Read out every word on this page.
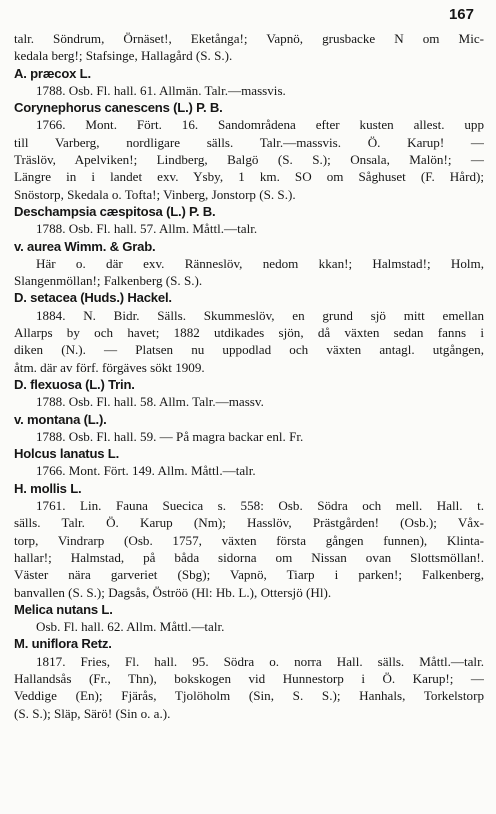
167
talr. Söndrum, Örnäset!, Eketånga!; Vapnö, grusbacke N om Mic-
kedala berg!; Stafsinge, Hallagård (S. S.).
A. præcox L.
1788. Osb. Fl. hall. 61. Allmän. Talr.—massvis.
Corynephorus canescens (L.) P. B.
1766. Mont. Fört. 16. Sandområdena efter kusten allest. upp
till Varberg, nordligare sälls. Talr.—massvis. Ö. Karup! —
Träslöv, Apelviken!; Lindberg, Balgö (S. S.); Onsala, Malön!; —
Längre in i landet exv. Ysby, 1 km. SO om Såghuset (F. Hård);
Snöstorp, Skedala o. Tofta!; Vinberg, Jonstorp (S. S.).
Deschampsia cæspitosa (L.) P. B.
1788. Osb. Fl. hall. 57. Allm. Måttl.—talr.
v. aurea Wimm. & Grab.
Här o. där exv. Ränneslöv, nedom kkan!; Halmstad!; Holm,
Slangenmöllan!; Falkenberg (S. S.).
D. setacea (Huds.) Hackel.
1884. N. Bidr. Sälls. Skummeslöv, en grund sjö mitt emellan
Allarps by och havet; 1882 utdikades sjön, då växten sedan fanns i
diken (N.). — Platsen nu uppodlad och växten antagl. utgången,
åtm. där av förf. förgäves sökt 1909.
D. flexuosa (L.) Trin.
1788. Osb. Fl. hall. 58. Allm. Talr.—massv.
v. montana (L.).
1788. Osb. Fl. hall. 59. — På magra backar enl. Fr.
Holcus lanatus L.
1766. Mont. Fört. 149. Allm. Måttl.—talr.
H. mollis L.
1761. Lin. Fauna Suecica s. 558: Osb. Södra och mell. Hall. t.
sälls. Talr. Ö. Karup (Nm); Hasslöv, Prästgården! (Osb.); Våx-
torp, Vindrarp (Osb. 1757, växten första gången funnen), Klinta-
hallar!; Halmstad, på båda sidorna om Nissan ovan Slottsmöllan!.
Väster nära garveriet (Sbg); Vapnö, Tiarp i parken!; Falkenberg,
banvallen (S. S.); Dagsås, Öströö (Hl: Hb. L.), Ottersjö (Hl).
Melica nutans L.
Osb. Fl. hall. 62. Allm. Måttl.—talr.
M. uniflora Retz.
1817. Fries, Fl. hall. 95. Södra o. norra Hall. sälls. Måttl.—talr.
Hallandsås (Fr., Thn), bokskogen vid Hunnestorp i Ö. Karup!; —
Veddige (En); Fjärås, Tjolöholm (Sin, S. S.); Hanhals, Torkelstorp
(S. S.); Släp, Särö! (Sin o. a.).
